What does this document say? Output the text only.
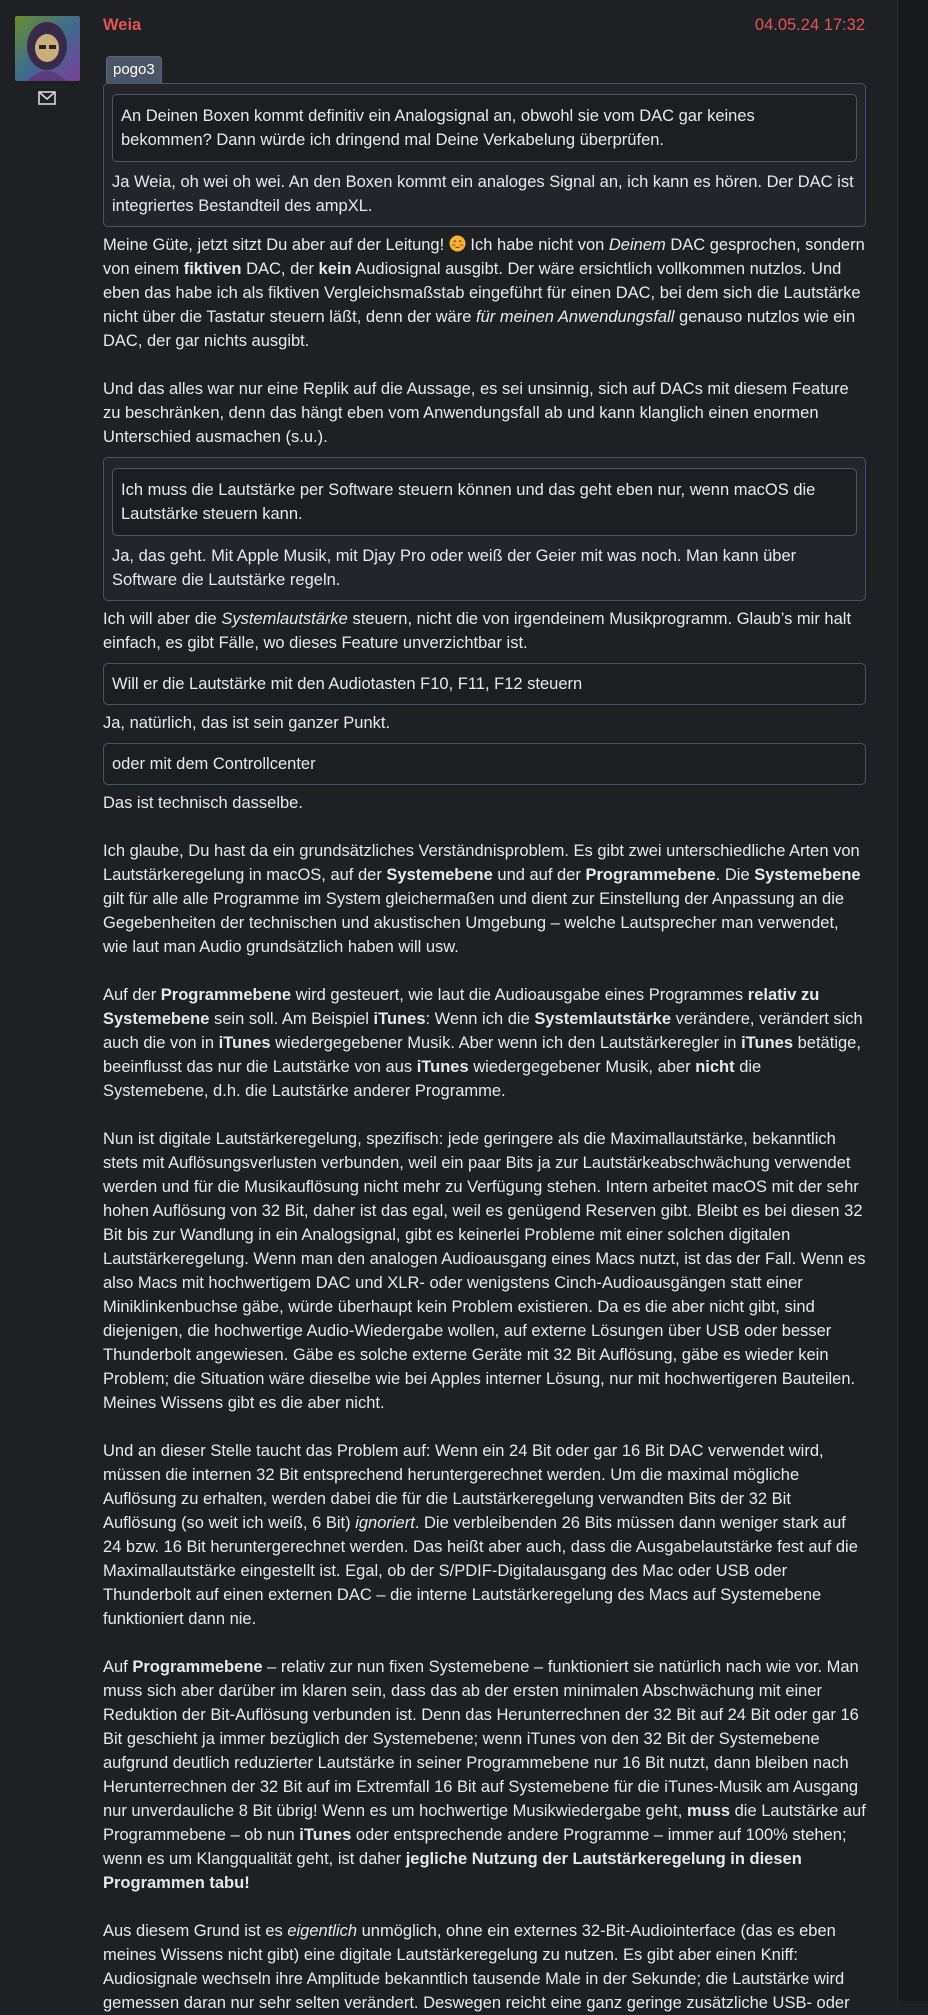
Weia	04.05.24 17:32
pogo3

An Deinen Boxen kommt definitiv ein Analogsignal an, obwohl sie vom DAC gar keines bekommen? Dann würde ich dringend mal Deine Verkabelung überprüfen.

Ja Weia, oh wei oh wei. An den Boxen kommt ein analoges Signal an, ich kann es hören. Der DAC ist integriertes Bestandteil des ampXL.

Meine Güte, jetzt sitzt Du aber auf der Leitung!  Ich habe nicht von Deinem DAC gesprochen, sondern von einem fiktiven DAC, der kein Audiosignal ausgibt. Der wäre ersichtlich vollkommen nutzlos. Und eben das habe ich als fiktiven Vergleichsmaßstab eingeführt für einen DAC, bei dem sich die Lautstärke nicht über die Tastatur steuern läßt, denn der wäre für meinen Anwendungsfall genauso nutzlos wie ein DAC, der gar nichts ausgibt.

Und das alles war nur eine Replik auf die Aussage, es sei unsinnig, sich auf DACs mit diesem Feature zu beschränken, denn das hängt eben vom Anwendungsfall ab und kann klanglich einen enormen Unterschied ausmachen (s.u.).

Ich muss die Lautstärke per Software steuern können und das geht eben nur, wenn macOS die Lautstärke steuern kann.

Ja, das geht. Mit Apple Musik, mit Djay Pro oder weiß der Geier mit was noch. Man kann über Software die Lautstärke regeln.

Ich will aber die Systemlautstärke steuern, nicht die von irgendeinem Musikprogramm. Glaub’s mir halt einfach, es gibt Fälle, wo dieses Feature unverzichtbar ist.

Will er die Lautstärke mit den Audiotasten F10, F11, F12 steuern

Ja, natürlich, das ist sein ganzer Punkt.

oder mit dem Controllcenter

Das ist technisch dasselbe.

Ich glaube, Du hast da ein grundsätzliches Verständnisproblem. Es gibt zwei unterschiedliche Arten von Lautstärkeregelung in macOS, auf der Systemebene und auf der Programmebene. Die Systemebene gilt für alle alle Programme im System gleichermaßen und dient zur Einstellung der Anpassung an die Gegebenheiten der technischen und akustischen Umgebung – welche Lautsprecher man verwendet, wie laut man Audio grundsätzlich haben will usw.

Auf der Programmebene wird gesteuert, wie laut die Audioausgabe eines Programmes relativ zu Systemebene sein soll. Am Beispiel iTunes: Wenn ich die Systemlautstärke verändere, verändert sich auch die von in iTunes wiedergegebener Musik. Aber wenn ich den Lautstärkeregler in iTunes betätige, beeinflusst das nur die Lautstärke von aus iTunes wiedergegebener Musik, aber nicht die Systemebene, d.h. die Lautstärke anderer Programme.

Nun ist digitale Lautstärkeregelung, spezifisch: jede geringere als die Maximallautstärke, bekanntlich stets mit Auflösungsverlusten verbunden, weil ein paar Bits ja zur Lautstärkeabschwächung verwendet werden und für die Musikauflösung nicht mehr zu Verfügung stehen. Intern arbeitet macOS mit der sehr hohen Auflösung von 32 Bit, daher ist das egal, weil es genügend Reserven gibt. Bleibt es bei diesen 32 Bit bis zur Wandlung in ein Analogsignal, gibt es keinerlei Probleme mit einer solchen digitalen Lautstärkeregelung. Wenn man den analogen Audioausgang eines Macs nutzt, ist das der Fall. Wenn es also Macs mit hochwertigem DAC und XLR- oder wenigstens Cinch-Audioausgängen statt einer Miniklinkenbuchse gäbe, würde überhaupt kein Problem existieren. Da es die aber nicht gibt, sind diejenigen, die hochwertige Audio-Wiedergabe wollen, auf externe Lösungen über USB oder besser Thunderbolt angewiesen. Gäbe es solche externe Geräte mit 32 Bit Auflösung, gäbe es wieder kein Problem; die Situation wäre dieselbe wie bei Apples interner Lösung, nur mit hochwertigeren Bauteilen. Meines Wissens gibt es die aber nicht.

Und an dieser Stelle taucht das Problem auf: Wenn ein 24 Bit oder gar 16 Bit DAC verwendet wird, müssen die internen 32 Bit entsprechend heruntergerechnet werden. Um die maximal mögliche Auflösung zu erhalten, werden dabei die für die Lautstärkeregelung verwandten Bits der 32 Bit Auflösung (so weit ich weiß, 6 Bit) ignoriert. Die verbleibenden 26 Bits müssen dann weniger stark auf 24 bzw. 16 Bit heruntergerechnet werden. Das heißt aber auch, dass die Ausgabelautstärke fest auf die Maximallautstärke eingestellt ist. Egal, ob der S/PDIF-Digitalausgang des Mac oder USB oder Thunderbolt auf einen externen DAC – die interne Lautstärkeregelung des Macs auf Systemebene funktioniert dann nie.

Auf Programmebene – relativ zur nun fixen Systemebene – funktioniert sie natürlich nach wie vor. Man muss sich aber darüber im klaren sein, dass das ab der ersten minimalen Abschwächung mit einer Reduktion der Bit-Auflösung verbunden ist. Denn das Herunterrechnen der 32 Bit auf 24 Bit oder gar 16 Bit geschieht ja immer bezüglich der Systemebene; wenn iTunes von den 32 Bit der Systemebene aufgrund deutlich reduzierter Lautstärke in seiner Programmebene nur 16 Bit nutzt, dann bleiben nach Herunterrechnen der 32 Bit auf im Extremfall 16 Bit auf Systemebene für die iTunes-Musik am Ausgang nur unverdauliche 8 Bit übrig! Wenn es um hochwertige Musikwiedergabe geht, muss die Lautstärke auf Programmebene – ob nun iTunes oder entsprechende andere Programme – immer auf 100% stehen; wenn es um Klangqualität geht, ist daher jegliche Nutzung der Lautstärkeregelung in diesen Programmen tabu!

Aus diesem Grund ist es eigentlich unmöglich, ohne ein externes 32-Bit-Audiointerface (das es eben meines Wissens nicht gibt) eine digitale Lautstärkeregelung zu nutzen. Es gibt aber einen Kniff: Audiosignale wechseln ihre Amplitude bekanntlich tausende Male in der Sekunde; die Lautstärke wird gemessen daran nur sehr selten verändert. Deswegen reicht eine ganz geringe zusätzliche USB- oder
